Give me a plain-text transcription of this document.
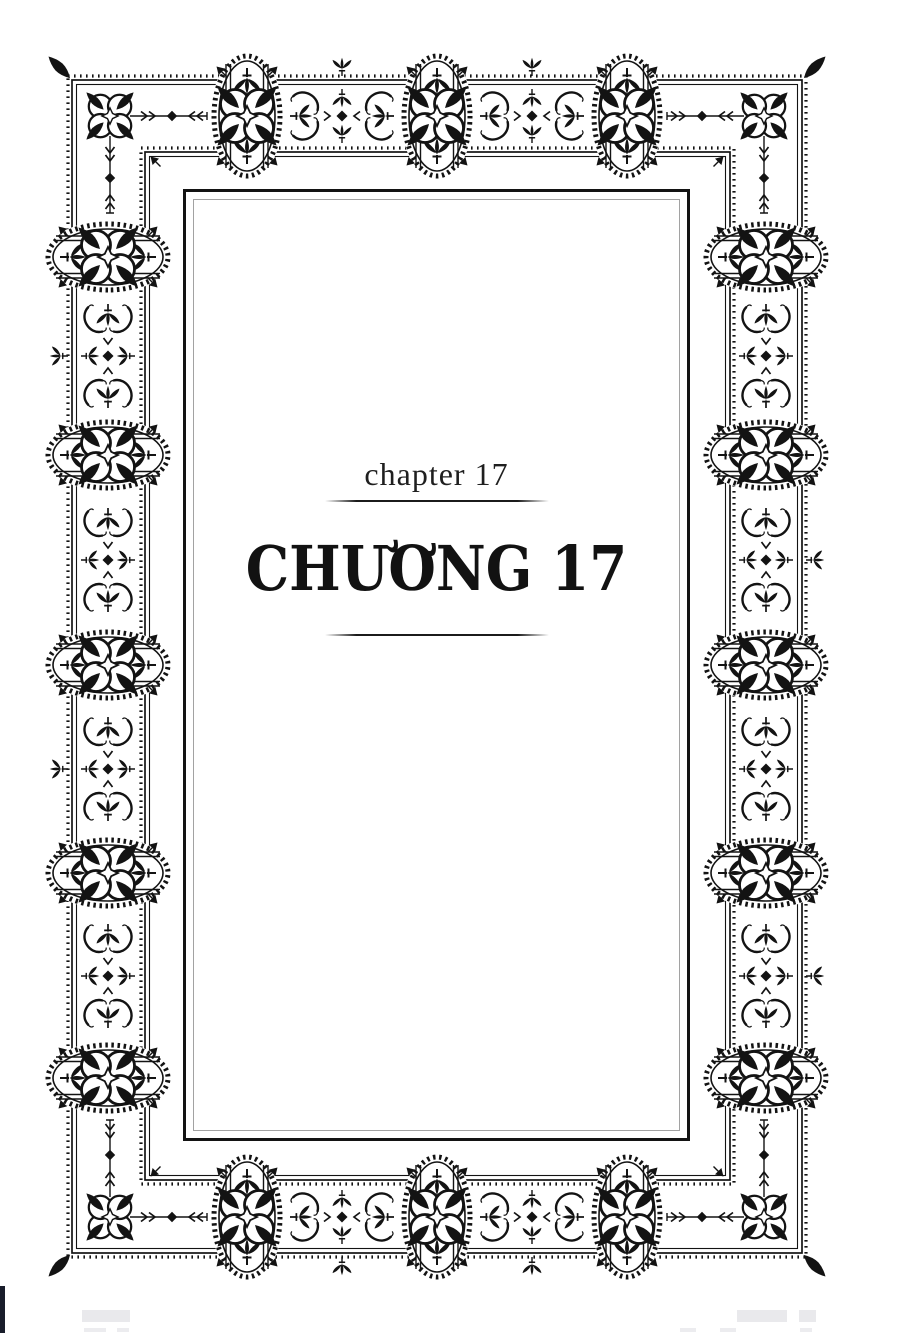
chapter 17
CHƯƠNG 17
